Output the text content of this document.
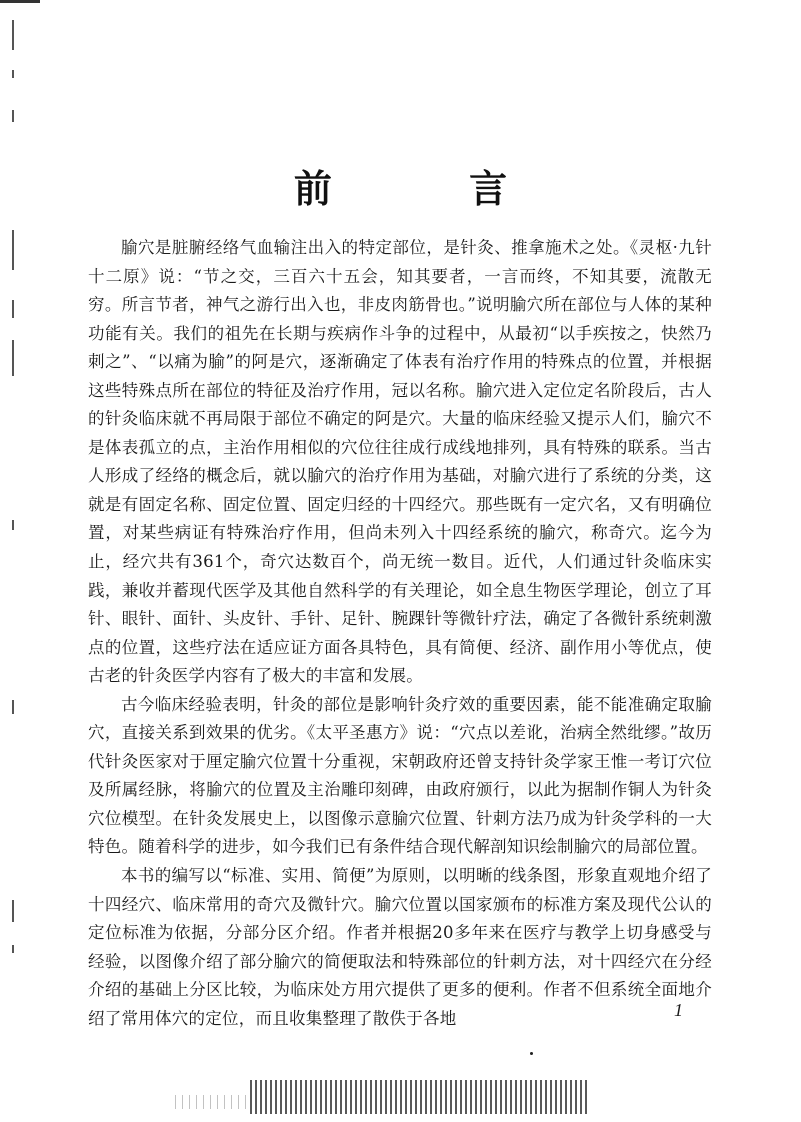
前 言

腧穴是脏腑经络气血输注出入的特定部位，是针灸、推拿施术之处。《灵枢·九针十二原》说：“节之交，三百六十五会，知其要者，一言而终，不知其要，流散无穷。所言节者，神气之游行出入也，非皮肉筋骨也。”说明腧穴所在部位与人体的某种功能有关。我们的祖先在长期与疾病作斗争的过程中，从最初“以手疾按之，快然乃刺之”、“以痛为腧”的阿是穴，逐渐确定了体表有治疗作用的特殊点的位置，并根据这些特殊点所在部位的特征及治疗作用，冠以名称。腧穴进入定位定名阶段后，古人的针灸临床就不再局限于部位不确定的阿是穴。大量的临床经验又提示人们，腧穴不是体表孤立的点，主治作用相似的穴位往往成行成线地排列，具有特殊的联系。当古人形成了经络的概念后，就以腧穴的治疗作用为基础，对腧穴进行了系统的分类，这就是有固定名称、固定位置、固定归经的十四经穴。那些既有一定穴名，又有明确位置，对某些病证有特殊治疗作用，但尚未列入十四经系统的腧穴，称奇穴。迄今为止，经穴共有361个，奇穴达数百个，尚无统一数目。近代，人们通过针灸临床实践，兼收并蓄现代医学及其他自然科学的有关理论，如全息生物医学理论，创立了耳针、眼针、面针、头皮针、手针、足针、腕踝针等微针疗法，确定了各微针系统刺激点的位置，这些疗法在适应证方面各具特色，具有简便、经济、副作用小等优点，使古老的针灸医学内容有了极大的丰富和发展。

古今临床经验表明，针灸的部位是影响针灸疗效的重要因素，能不能准确定取腧穴，直接关系到效果的优劣。《太平圣惠方》说：“穴点以差讹，治病全然纰缪。”故历代针灸医家对于厘定腧穴位置十分重视，宋朝政府还曾支持针灸学家王惟一考订穴位及所属经脉，将腧穴的位置及主治雕印刻碑，由政府颁行，以此为据制作铜人为针灸穴位模型。在针灸发展史上，以图像示意腧穴位置、针刺方法乃成为针灸学科的一大特色。随着科学的进步，如今我们已有条件结合现代解剖知识绘制腧穴的局部位置。

本书的编写以“标准、实用、简便”为原则，以明晰的线条图，形象直观地介绍了十四经穴、临床常用的奇穴及微针穴。腧穴位置以国家颁布的标准方案及现代公认的定位标准为依据，分部分区介绍。作者并根据20多年来在医疗与教学上切身感受与经验，以图像介绍了部分腧穴的简便取法和特殊部位的针刺方法，对十四经穴在分经介绍的基础上分区比较，为临床处方用穴提供了更多的便利。作者不但系统全面地介绍了常用体穴的定位，而且收集整理了散佚于各地	1
